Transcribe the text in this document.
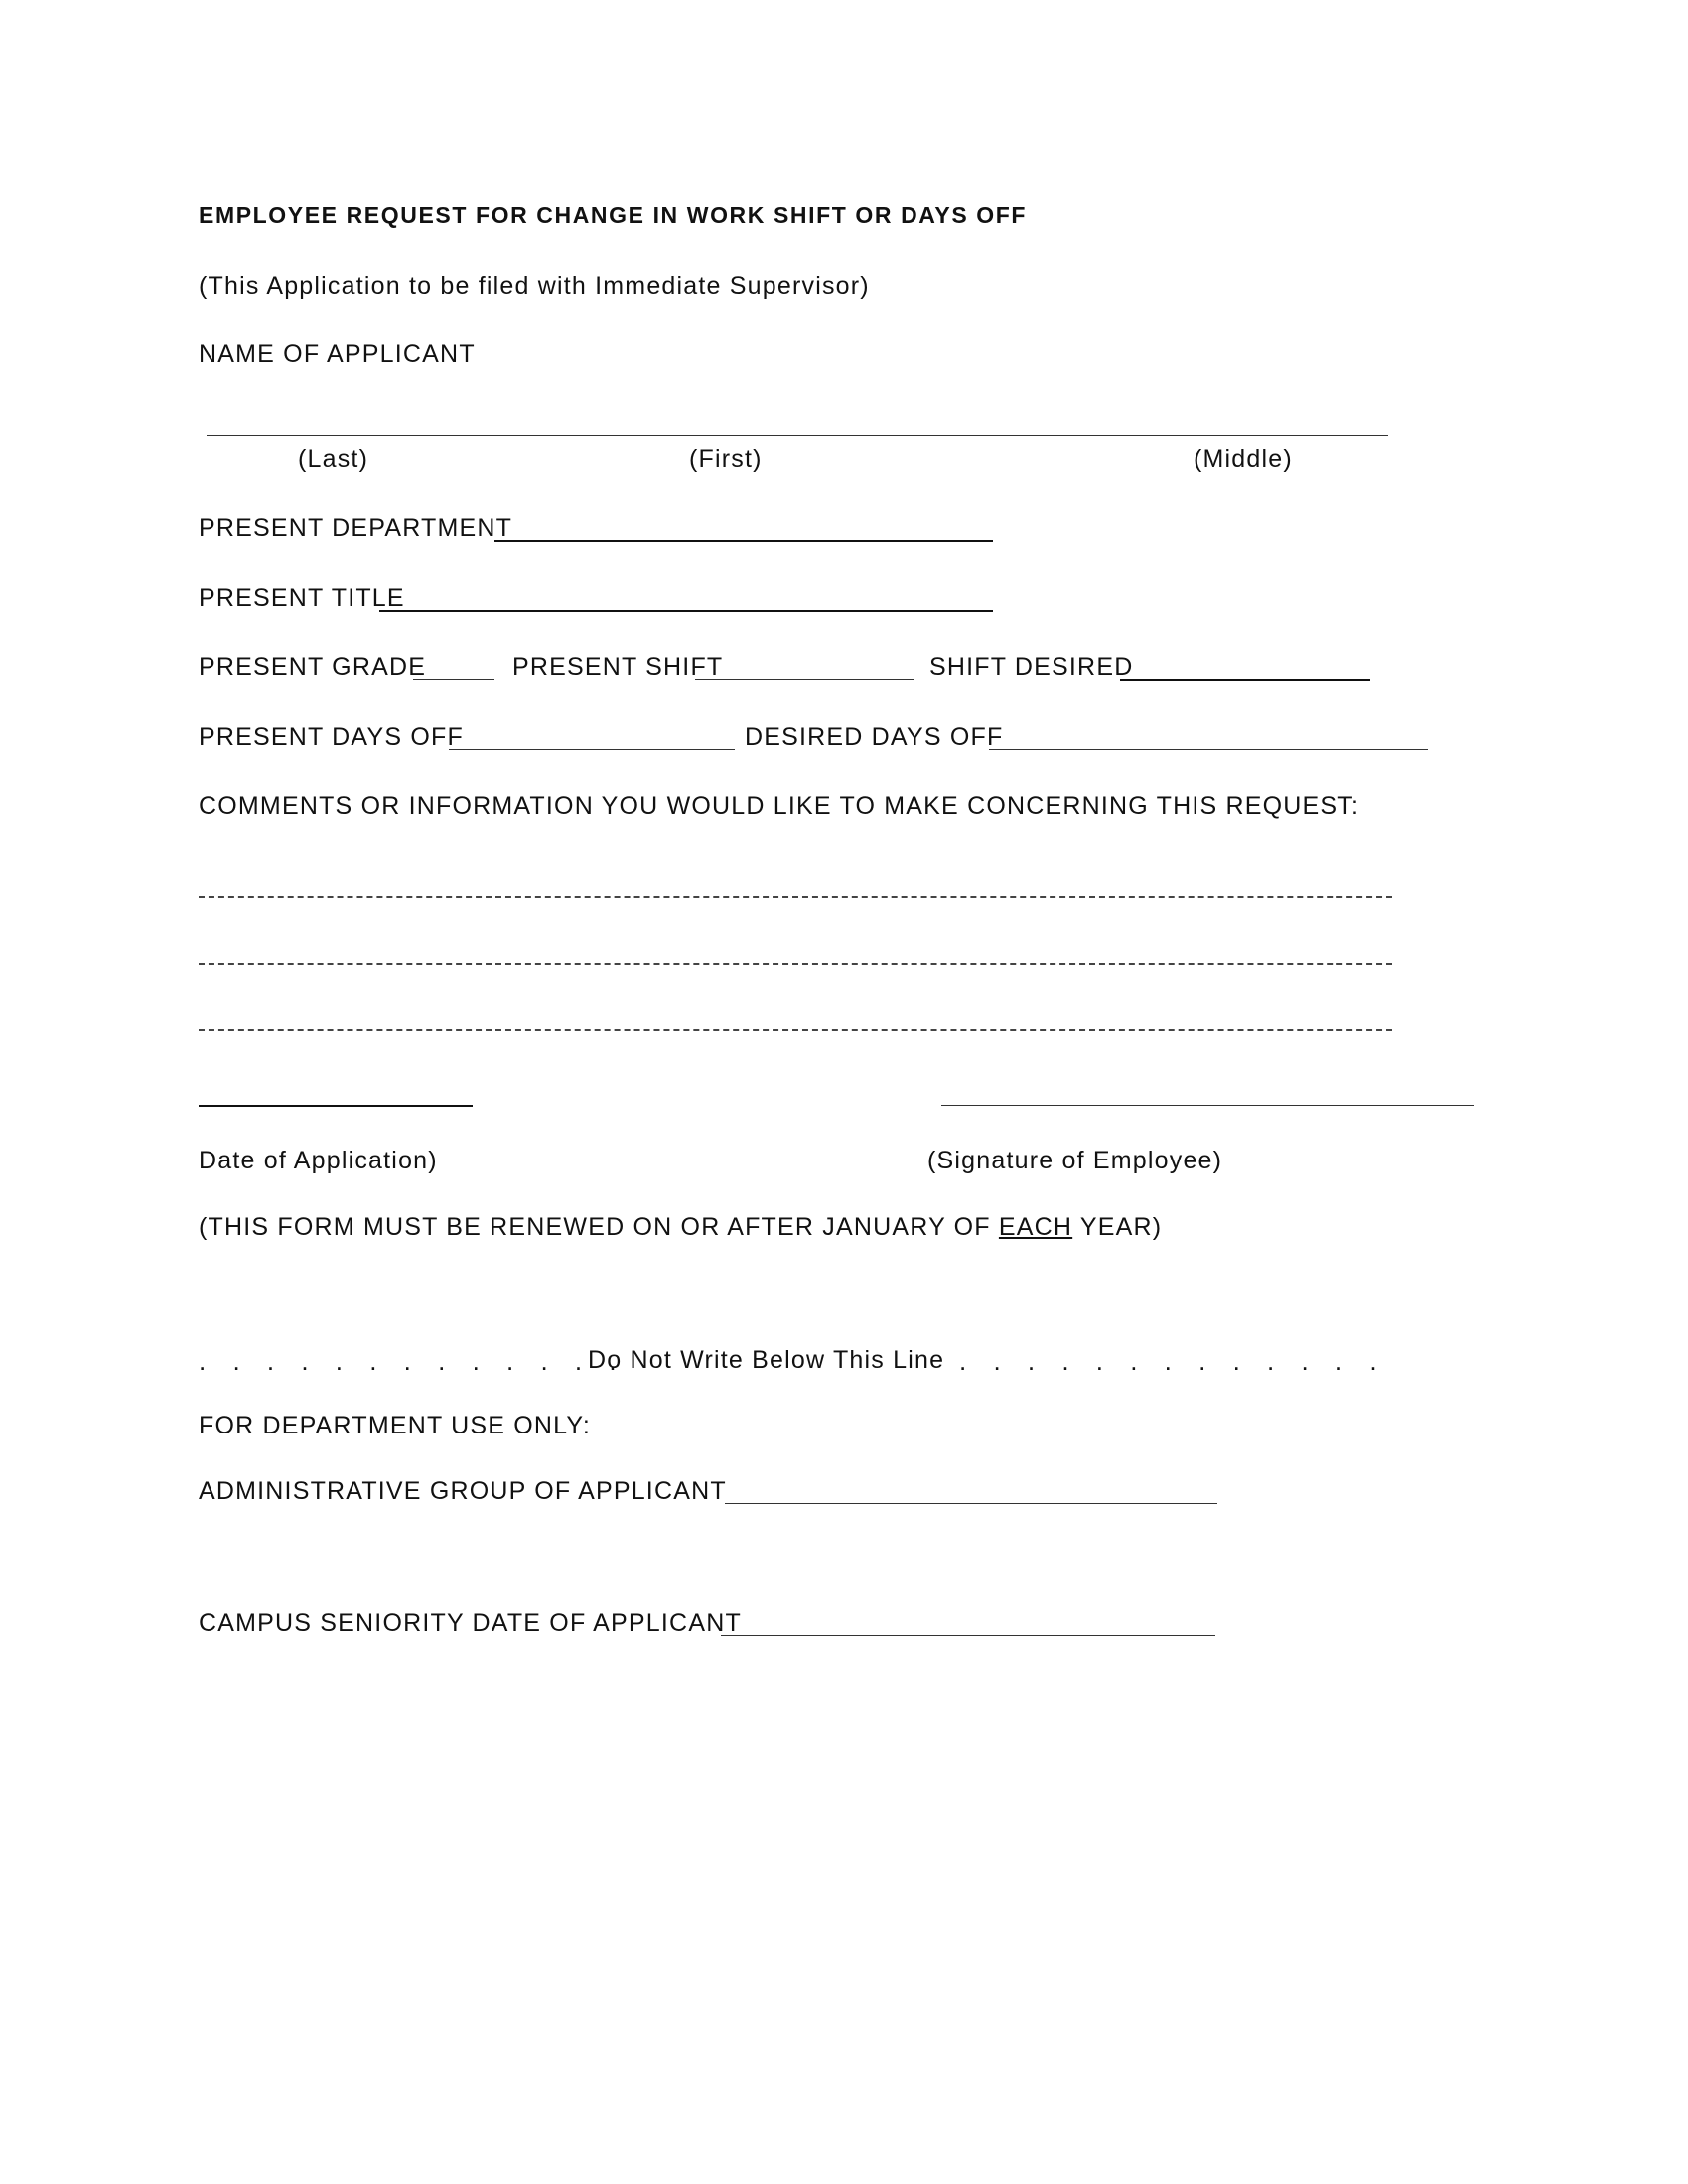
EMPLOYEE REQUEST FOR CHANGE IN WORK SHIFT OR DAYS OFF
(This Application to be filed with Immediate Supervisor)
NAME OF APPLICANT
(Last)	(First)	(Middle)
PRESENT DEPARTMENT
PRESENT TITLE
PRESENT GRADE	PRESENT SHIFT	SHIFT DESIRED
PRESENT DAYS OFF	DESIRED DAYS OFF
COMMENTS OR INFORMATION YOU WOULD LIKE TO MAKE CONCERNING THIS REQUEST:
Date of Application)	(Signature of Employee)
(THIS FORM MUST BE RENEWED ON OR AFTER JANUARY OF EACH YEAR)
. . . . . . . . . . . . .
Do Not Write Below This Line . . . . . . . . . . . . .
FOR DEPARTMENT USE ONLY:
ADMINISTRATIVE GROUP OF APPLICANT
CAMPUS SENIORITY DATE OF APPLICANT
